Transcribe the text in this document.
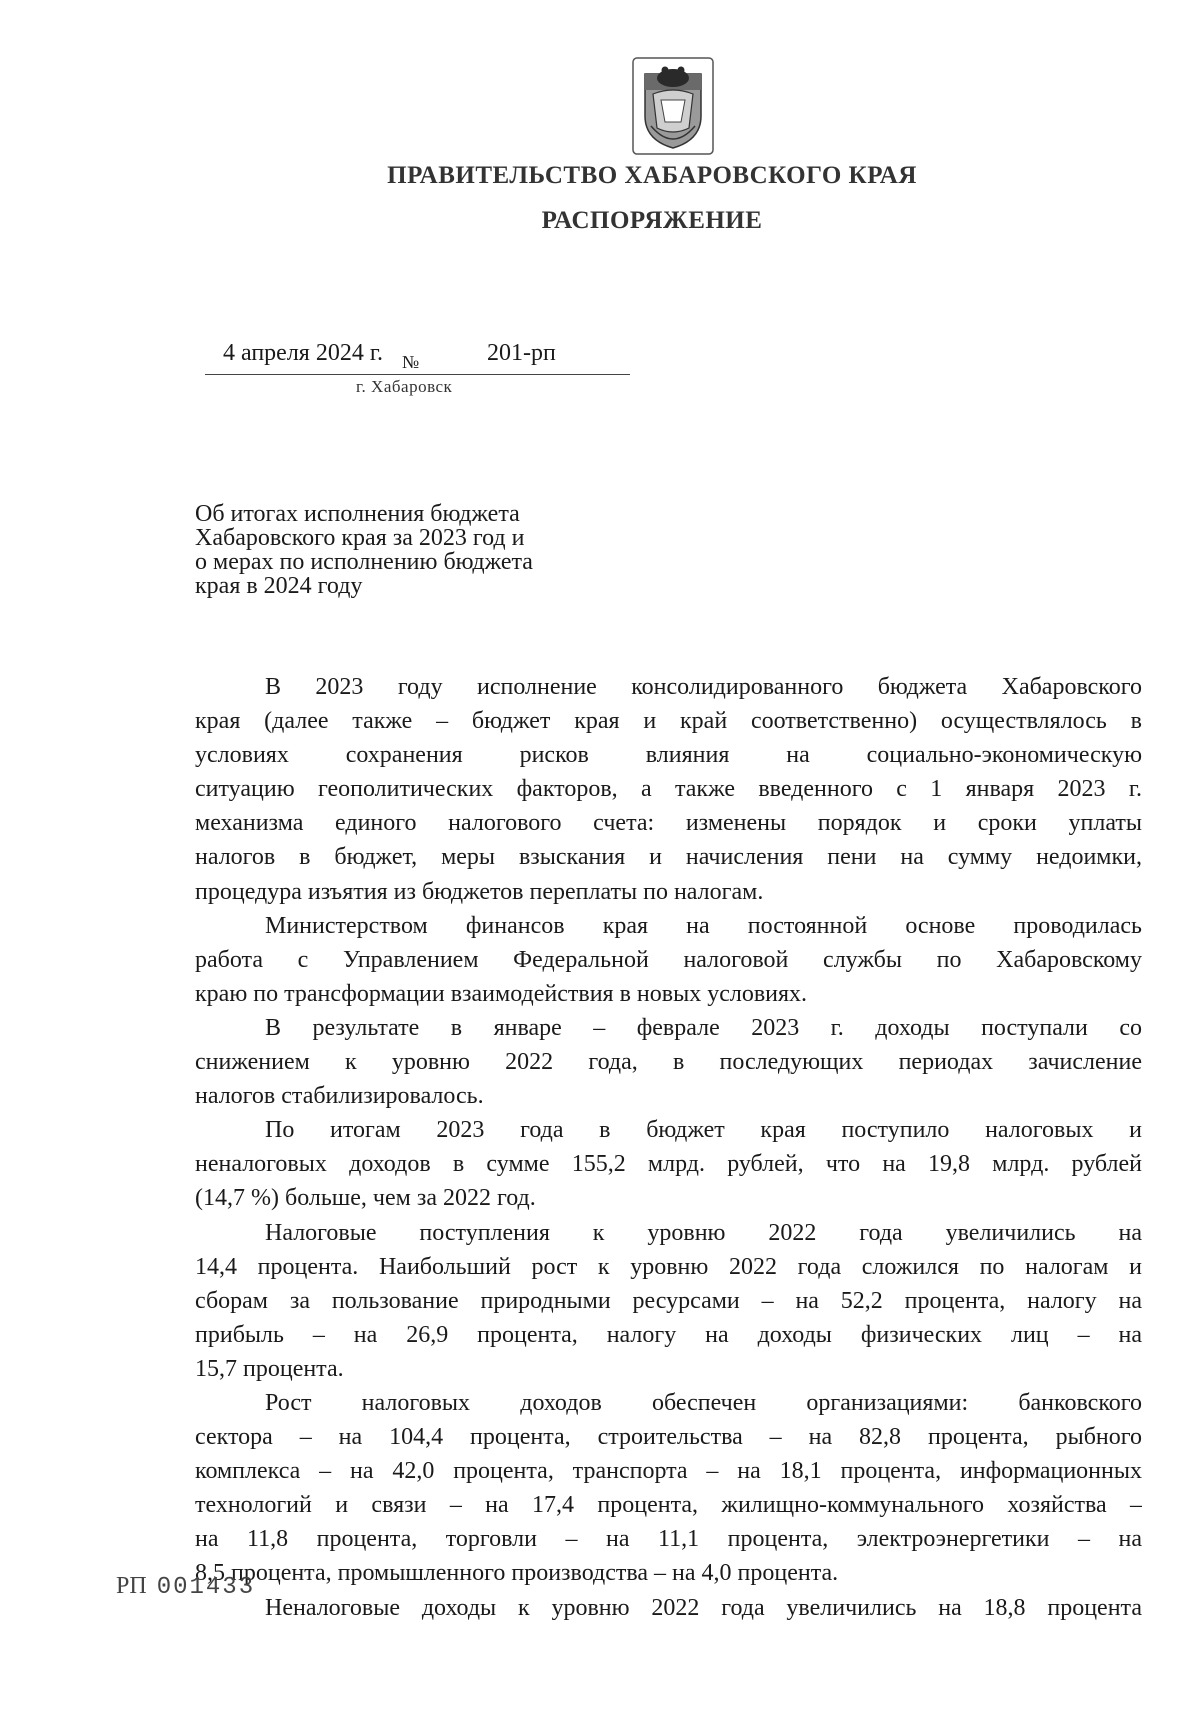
ПРАВИТЕЛЬСТВО ХАБАРОВСКОГО КРАЯ
РАСПОРЯЖЕНИЕ
4 апреля 2024 г. №	201-рп
г. Хабаровск
Об итогах исполнения бюджета
Хабаровского края за 2023 год и
о мерах по исполнению бюджета
края в 2024 году
В 2023 году исполнение консолидированного бюджета Хабаровского
края (далее также – бюджет края и край соответственно) осуществлялось в
условиях сохранения рисков влияния на социально-экономическую
ситуацию геополитических факторов, а также введенного с 1 января 2023 г.
механизма единого налогового счета: изменены порядок и сроки уплаты
налогов в бюджет, меры взыскания и начисления пени на сумму недоимки,
процедура изъятия из бюджетов переплаты по налогам.
Министерством финансов края на постоянной основе проводилась
работа с Управлением Федеральной налоговой службы по Хабаровскому
краю по трансформации взаимодействия в новых условиях.
В результате в январе – феврале 2023 г. доходы поступали со
снижением к уровню 2022 года, в последующих периодах зачисление
налогов стабилизировалось.
По итогам 2023 года в бюджет края поступило налоговых и
неналоговых доходов в сумме 155,2 млрд. рублей, что на 19,8 млрд. рублей
(14,7 %) больше, чем за 2022 год.
Налоговые поступления к уровню 2022 года увеличились на
14,4 процента. Наибольший рост к уровню 2022 года сложился по налогам и
сборам за пользование природными ресурсами – на 52,2 процента, налогу на
прибыль – на 26,9 процента, налогу на доходы физических лиц – на
15,7 процента.
Рост налоговых доходов обеспечен организациями: банковского
сектора – на 104,4 процента, строительства – на 82,8 процента, рыбного
комплекса – на 42,0 процента, транспорта – на 18,1 процента, информационных
технологий и связи – на 17,4 процента, жилищно-коммунального хозяйства –
на 11,8 процента, торговли – на 11,1 процента, электроэнергетики – на
8,5 процента, промышленного производства – на 4,0 процента.
Неналоговые доходы к уровню 2022 года увеличились на 18,8 процента
РП 001433
